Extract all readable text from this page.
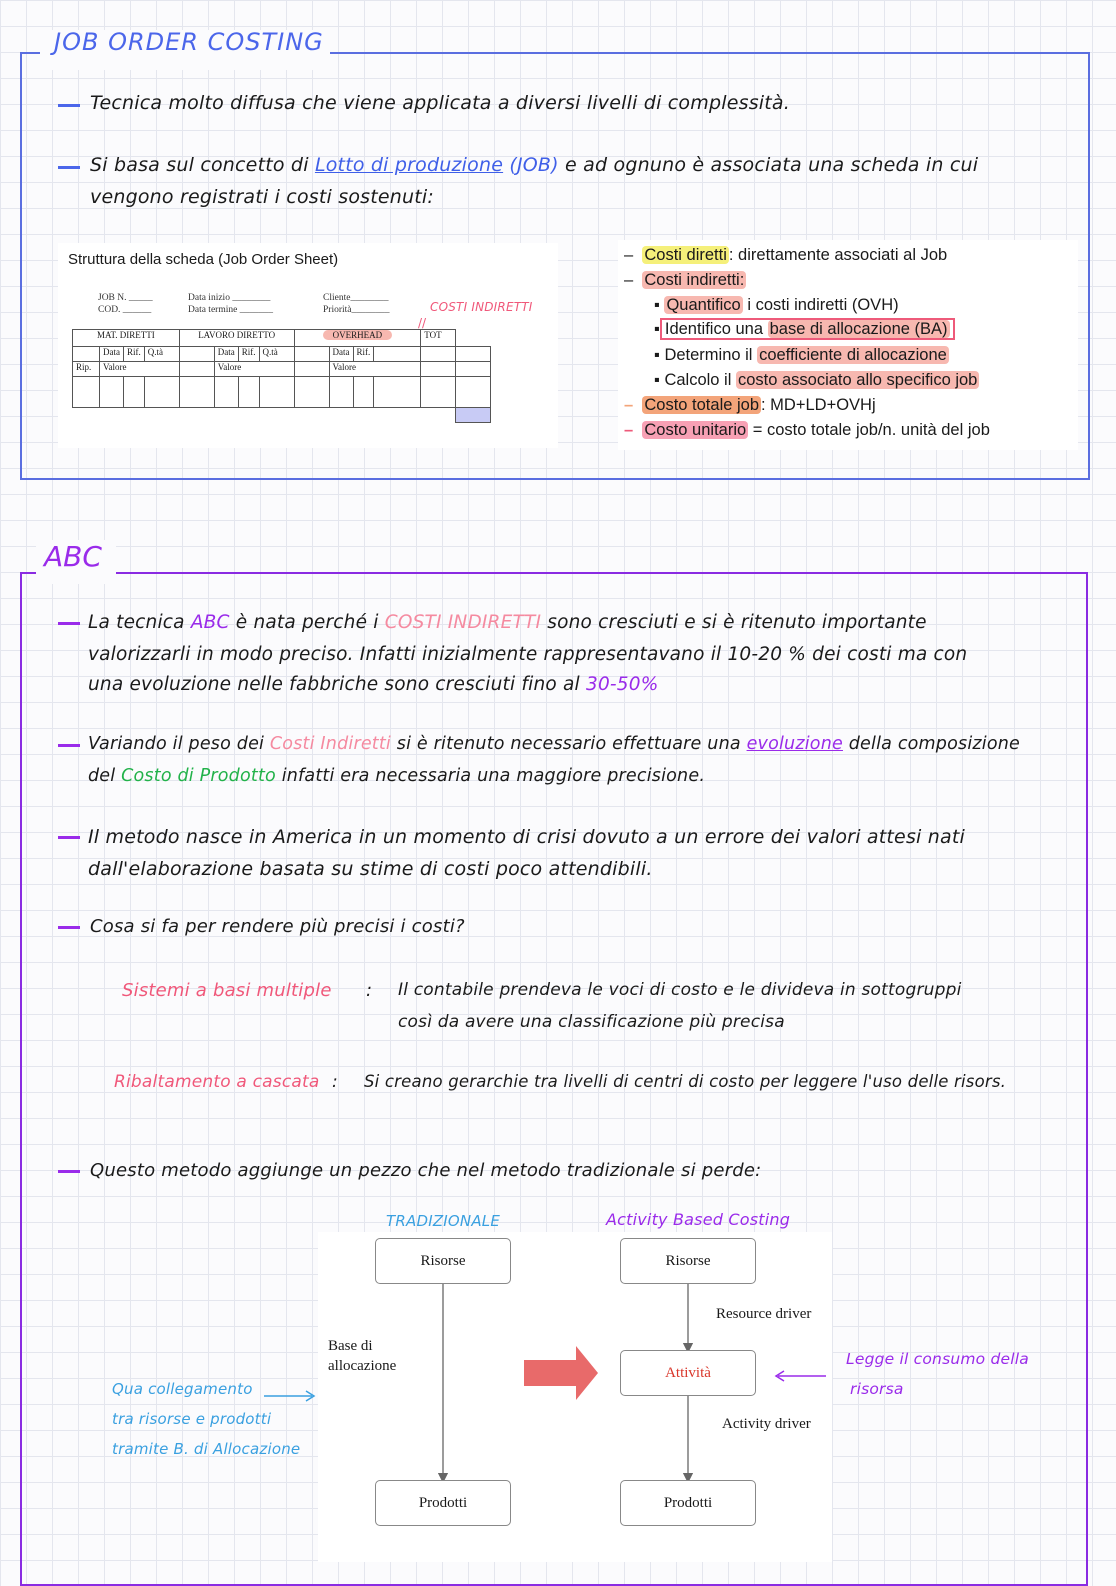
JOB ORDER COSTING
Tecnica molto diffusa che viene applicata a diversi livelli di complessità.
Si basa sul concetto di Lotto di produzione (JOB) e ad ognuno è associata una scheda in cui
vengono registrati i costi sostenuti:
Struttura della scheda (Job Order Sheet)
JOB N. _____
COD. ______
Data inizio ________
Data termine _______
Cliente________
Priorità________	COSTI INDIRETTI
//
MAT. DIRETTI				LAVORO DIRETTO				OVERHEAD				TOT	
	Data	Rif.	Q.tà		Data	Rif.	Q.tà		Data	Rif.			
Rip.	Valore				Valore				Valore				

–  Costi diretti : direttamente associati al Job
–  Costi indiretti:
▪ Quantifico i costi indiretti (OVH)
▪ Identifico una base di allocazione (BA)
▪ Determino il coefficiente di allocazione
▪ Calcolo il costo associato allo specifico job
– Costo totale job : MD+LD+OVHj
– Costo unitario = costo totale job/n. unità del job
ABC
La tecnica ABC è nata perché i COSTI INDIRETTI sono cresciuti e si è ritenuto importante
valorizzarli in modo preciso. Infatti inizialmente rappresentavano il 10-20 % dei costi ma con
una evoluzione nelle fabbriche sono cresciuti fino al 30-50%
Variando il peso dei Costi Indiretti si è ritenuto necessario effettuare una evoluzione della composizione
del Costo di Prodotto infatti era necessaria una maggiore precisione.
Il metodo nasce in America in un momento di crisi dovuto a un errore dei valori attesi nati
dall'elaborazione basata su stime di costi poco attendibili.
Cosa si fa per rendere più precisi i costi?
Sistemi a basi multiple : Il contabile prendeva le voci di costo e le divideva in sottogruppi
così da avere una classificazione più precisa
Ribaltamento a cascata : Si creano gerarchie tra livelli di centri di costo per leggere l'uso delle risors.
Questo metodo aggiunge un pezzo che nel metodo tradizionale si perde:
TRADIZIONALE	Activity Based Costing
Risorse
Prodotti
Risorse
Attività
Prodotti
Base di allocazione
Resource driver
Activity driver
Qua collegamento
tra risorse e prodotti
tramite B. di Allocazione
Legge il consumo della
risorsa
